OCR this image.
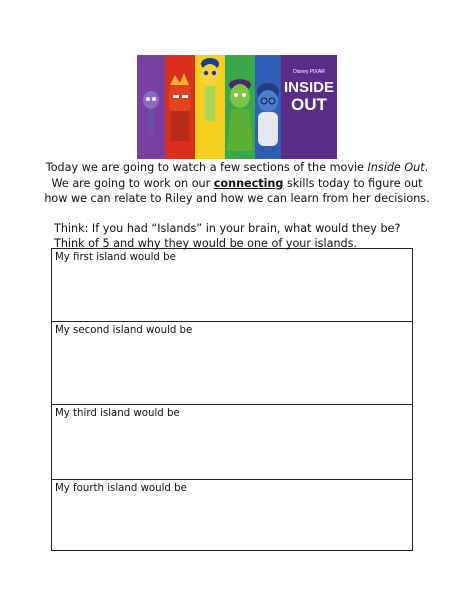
Disney PIXAR
INSIDE
OUT

Today we are going to watch a few sections of the movie Inside Out. We are going to work on our connecting skills today to figure out how we can relate to Riley and how we can learn from her decisions.

Think: If you had “Islands” in your brain, what would they be? Think of 5 and why they would be one of your islands.

My first island would be
My second island would be
My third island would be
My fourth island would be
